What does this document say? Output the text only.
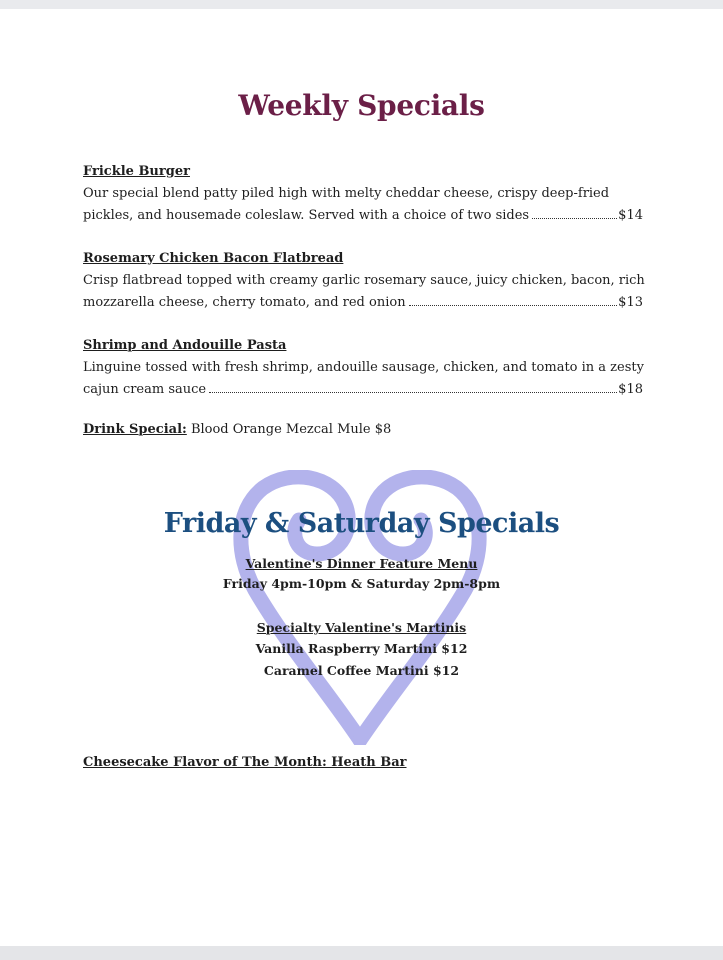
Weekly Specials
Frickle Burger
Our special blend patty piled high with melty cheddar cheese, crispy deep-fried
pickles, and housemade coleslaw. Served with a choice of two sides	$14
Rosemary Chicken Bacon Flatbread
Crisp flatbread topped with creamy garlic rosemary sauce, juicy chicken, bacon, rich
mozzarella cheese, cherry tomato, and red onion	$13
Shrimp and Andouille Pasta
Linguine tossed with fresh shrimp, andouille sausage, chicken, and tomato in a zesty
cajun cream sauce	$18
Drink Special: Blood Orange Mezcal Mule $8
Friday & Saturday Specials
Valentine's Dinner Feature Menu
Friday 4pm-10pm & Saturday 2pm-8pm
Specialty Valentine's Martinis
Vanilla Raspberry Martini $12
Caramel Coffee Martini $12
Cheesecake Flavor of The Month: Heath Bar
